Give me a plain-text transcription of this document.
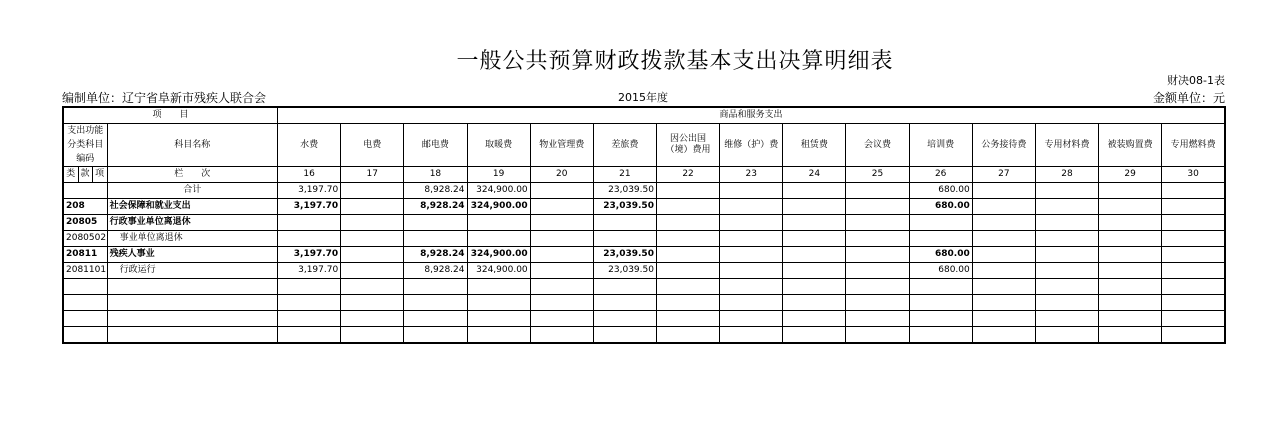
一般公共预算财政拨款基本支出决算明细表
财决08-1表
编制单位：辽宁省阜新市残疾人联合会	2015年度	金额单位：元
项　　目				商品和服务支出														
支出功能分类科目编码			科目名称	水费	电费	邮电费	取暖费	物业管理费	差旅费	因公出国（境）费用	维修（护）费	租赁费	会议费	培训费	公务接待费	专用材料费	被装购置费	专用燃料费
类	款	项	栏　　次	16	17	18	19	20	21	22	23	24	25	26	27	28	29	30
			合计	3,197.70		8,928.24	324,900.00		23,039.50					680.00				
208			社会保障和就业支出	3,197.70		8,928.24	324,900.00		23,039.50					680.00				
20805			行政事业单位离退休															
2080502			事业单位离退休															
20811			残疾人事业	3,197.70		8,928.24	324,900.00		23,039.50					680.00				
2081101			行政运行	3,197.70		8,928.24	324,900.00		23,039.50					680.00				
